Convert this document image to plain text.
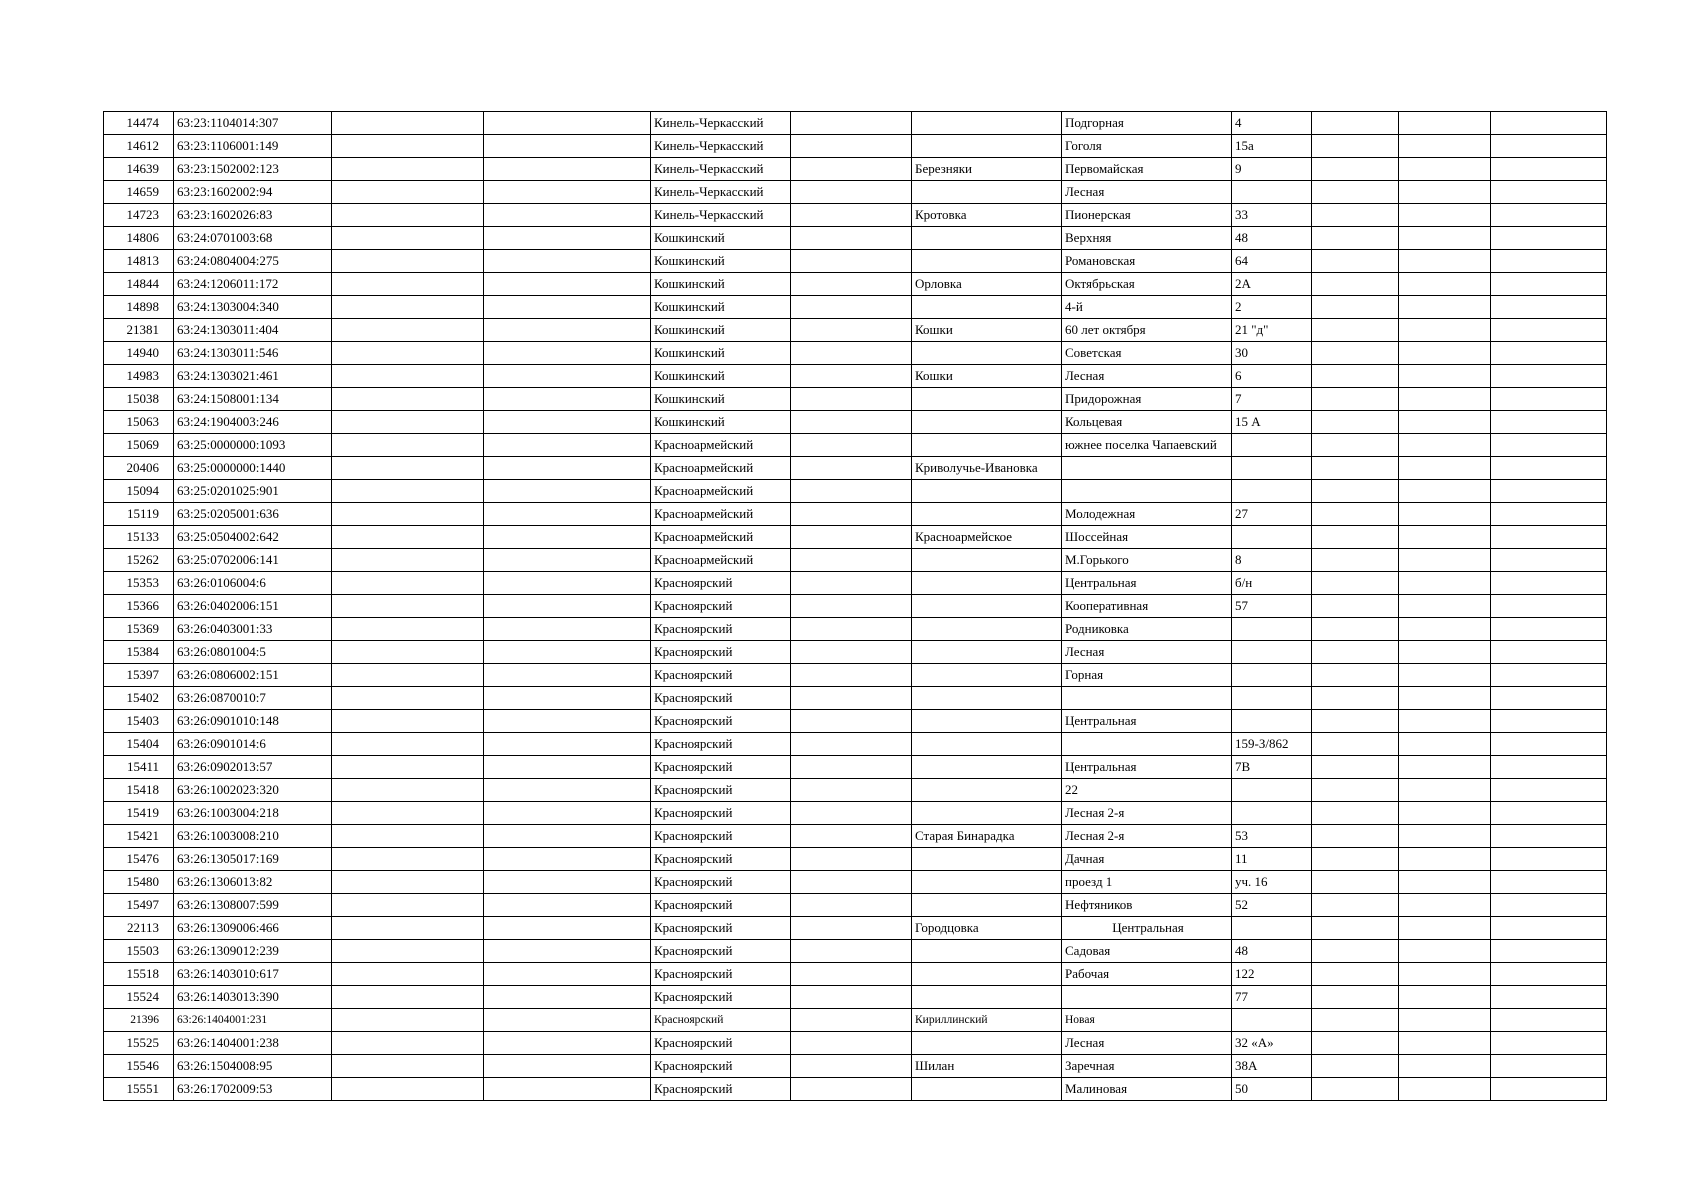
14474	63:23:1104014:307			Кинель-Черкасский			Подгорная	4			
14612	63:23:1106001:149			Кинель-Черкасский			Гоголя	15а			
14639	63:23:1502002:123			Кинель-Черкасский		Березняки	Первомайская	9			
14659	63:23:1602002:94			Кинель-Черкасский			Лесная				
14723	63:23:1602026:83			Кинель-Черкасский		Кротовка	Пионерская	33			
14806	63:24:0701003:68			Кошкинский			Верхняя	48			
14813	63:24:0804004:275			Кошкинский			Романовская	64			
14844	63:24:1206011:172			Кошкинский		Орловка	Октябрьская	2А			
14898	63:24:1303004:340			Кошкинский			4-й	2			
21381	63:24:1303011:404			Кошкинский		Кошки	60 лет октября	21 "д"			
14940	63:24:1303011:546			Кошкинский			Советская	30			
14983	63:24:1303021:461			Кошкинский		Кошки	Лесная	6			
15038	63:24:1508001:134			Кошкинский			Придорожная	7			
15063	63:24:1904003:246			Кошкинский			Кольцевая	15 А			
15069	63:25:0000000:1093			Красноармейский			южнее поселка Чапаевский				
20406	63:25:0000000:1440			Красноармейский		Криволучье-Ивановка					
15094	63:25:0201025:901			Красноармейский							
15119	63:25:0205001:636			Красноармейский			Молодежная	27			
15133	63:25:0504002:642			Красноармейский		Красноармейское	Шоссейная				
15262	63:25:0702006:141			Красноармейский			М.Горького	8			
15353	63:26:0106004:6			Красноярский			Центральная	б/н			
15366	63:26:0402006:151			Красноярский			Кооперативная	57			
15369	63:26:0403001:33			Красноярский			Родниковка				
15384	63:26:0801004:5			Красноярский			Лесная				
15397	63:26:0806002:151			Красноярский			Горная				
15402	63:26:0870010:7			Красноярский							
15403	63:26:0901010:148			Красноярский			Центральная				
15404	63:26:0901014:6			Красноярский				159-З/862			
15411	63:26:0902013:57			Красноярский			Центральная	7В			
15418	63:26:1002023:320			Красноярский			22				
15419	63:26:1003004:218			Красноярский			Лесная 2-я				
15421	63:26:1003008:210			Красноярский		Старая Бинарадка	Лесная 2-я	53			
15476	63:26:1305017:169			Красноярский			Дачная	11			
15480	63:26:1306013:82			Красноярский			проезд 1	уч. 16			
15497	63:26:1308007:599			Красноярский			Нефтяников	52			
22113	63:26:1309006:466			Красноярский		Городцовка	Центральная				
15503	63:26:1309012:239			Красноярский			Садовая	48			
15518	63:26:1403010:617			Красноярский			Рабочая	122			
15524	63:26:1403013:390			Красноярский				77			
21396	63:26:1404001:231			Красноярский		Кириллинский	Новая				
15525	63:26:1404001:238			Красноярский			Лесная	32 «А»			
15546	63:26:1504008:95			Красноярский		Шилан	Заречная	38А			
15551	63:26:1702009:53			Красноярский			Малиновая	50			
